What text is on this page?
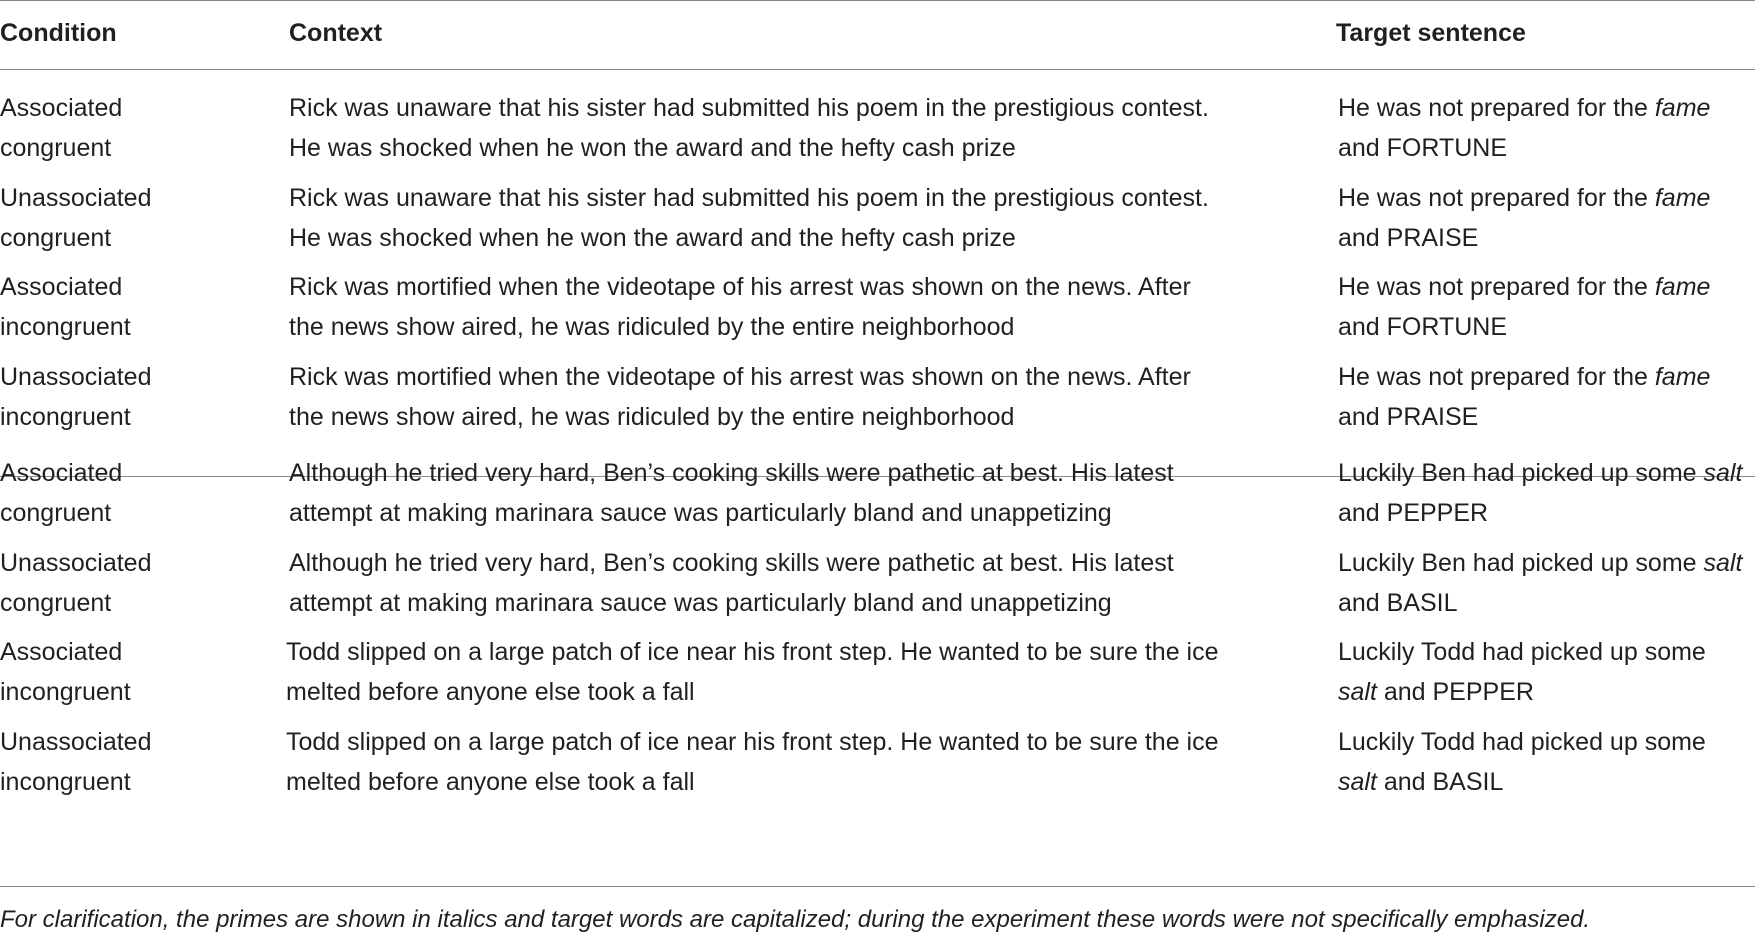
Condition	Context	Target sentence
Associated
congruent
Rick was unaware that his sister had submitted his poem in the prestigious contest.
He was shocked when he won the award and the hefty cash prize
He was not prepared for the fame
and FORTUNE
Unassociated
congruent
Rick was unaware that his sister had submitted his poem in the prestigious contest.
He was shocked when he won the award and the hefty cash prize
He was not prepared for the fame
and PRAISE
Associated
incongruent
Rick was mortified when the videotape of his arrest was shown on the news. After
the news show aired, he was ridiculed by the entire neighborhood
He was not prepared for the fame
and FORTUNE
Unassociated
incongruent
Rick was mortified when the videotape of his arrest was shown on the news. After
the news show aired, he was ridiculed by the entire neighborhood
He was not prepared for the fame
and PRAISE
Associated
congruent
Although he tried very hard, Ben’s cooking skills were pathetic at best. His latest
attempt at making marinara sauce was particularly bland and unappetizing
Luckily Ben had picked up some salt
and PEPPER
Unassociated
congruent
Although he tried very hard, Ben’s cooking skills were pathetic at best. His latest
attempt at making marinara sauce was particularly bland and unappetizing
Luckily Ben had picked up some salt
and BASIL
Associated
incongruent
Todd slipped on a large patch of ice near his front step. He wanted to be sure the ice
melted before anyone else took a fall
Luckily Todd had picked up some
salt and PEPPER
Unassociated
incongruent
Todd slipped on a large patch of ice near his front step. He wanted to be sure the ice
melted before anyone else took a fall
Luckily Todd had picked up some
salt and BASIL
For clarification, the primes are shown in italics and target words are capitalized; during the experiment these words were not specifically emphasized.
